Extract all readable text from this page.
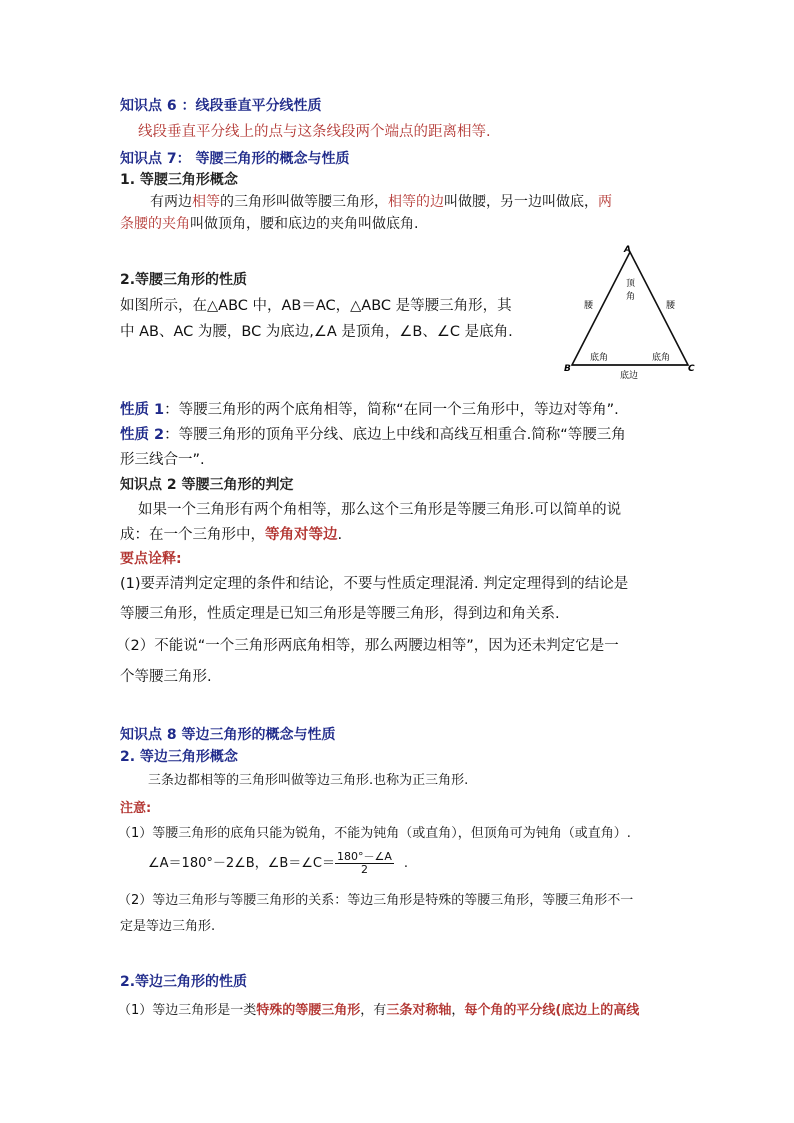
知识点 6 ：线段垂直平分线性质
线段垂直平分线上的点与这条线段两个端点的距离相等.
知识点 7： 等腰三角形的概念与性质
1. 等腰三角形概念
有两边相等的三角形叫做等腰三角形，相等的边叫做腰，另一边叫做底，两
条腰的夹角叫做顶角，腰和底边的夹角叫做底角.
2.等腰三角形的性质
如图所示，在△ABC 中，AB＝AC，△ABC 是等腰三角形，其
中 AB、AC 为腰，BC 为底边,∠A 是顶角，∠B、∠C 是底角.
A
B	C
顶
角
腰	腰
底角	底角
底边
性质 1：等腰三角形的两个底角相等，简称“在同一个三角形中，等边对等角”.
性质 2：等腰三角形的顶角平分线、底边上中线和高线互相重合.简称“等腰三角
形三线合一”.
知识点 2 等腰三角形的判定
如果一个三角形有两个角相等，那么这个三角形是等腰三角形.可以简单的说
成：在一个三角形中，等角对等边.
要点诠释:
(1)要弄清判定定理的条件和结论，不要与性质定理混淆. 判定定理得到的结论是
等腰三角形，性质定理是已知三角形是等腰三角形，得到边和角关系.
（2）不能说“一个三角形两底角相等，那么两腰边相等”，因为还未判定它是一
个等腰三角形.
知识点 8 等边三角形的概念与性质
2. 等边三角形概念
三条边都相等的三角形叫做等边三角形.也称为正三角形.
注意:
（1）等腰三角形的底角只能为锐角，不能为钝角（或直角），但顶角可为钝角（或直角）.
∠A＝180°－2∠B，∠B＝∠C＝ $\frac{180^\circ-\angle A}{2}$ .
（2）等边三角形与等腰三角形的关系：等边三角形是特殊的等腰三角形，等腰三角形不一
定是等边三角形.
2.等边三角形的性质
（1）等边三角形是一类特殊的等腰三角形，有三条对称轴，每个角的平分线(底边上的高线
